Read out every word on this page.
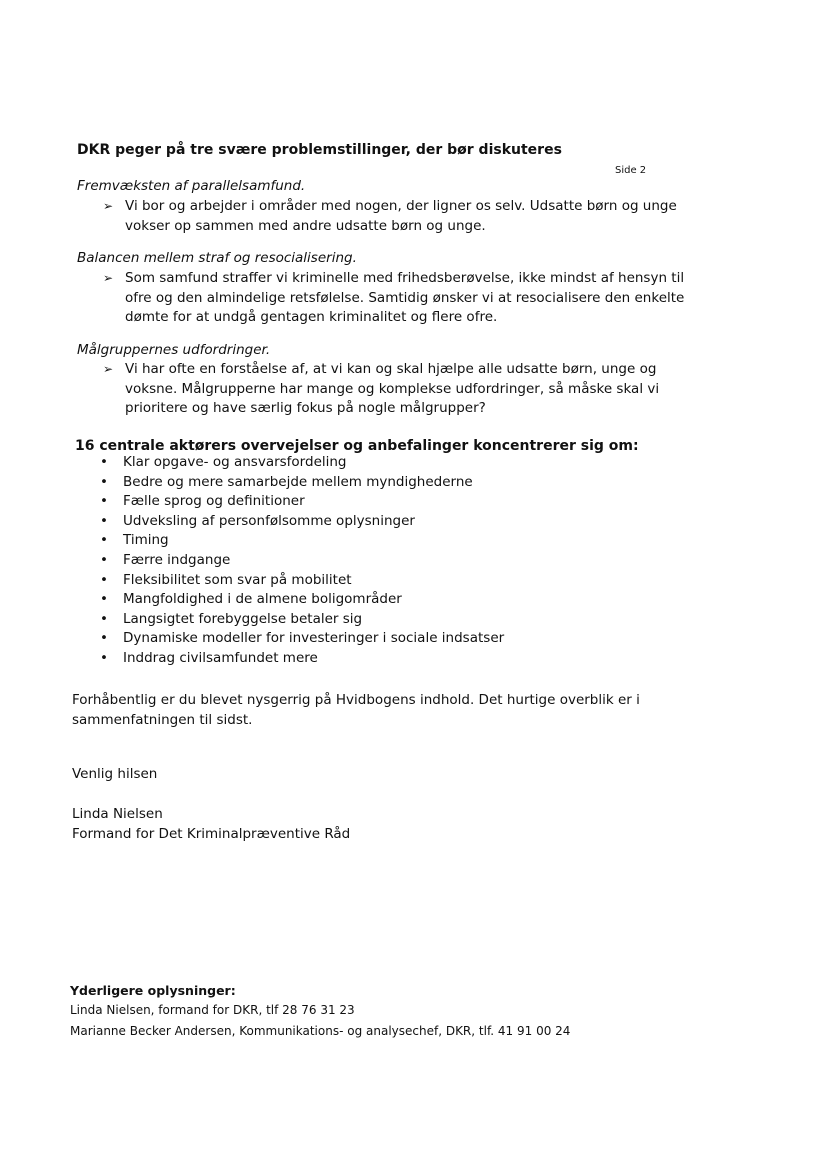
DKR peger på tre svære problemstillinger, der bør diskuteres
Side 2
Fremvæksten af parallelsamfund.
➢ Vi bor og arbejder i områder med nogen, der ligner os selv. Udsatte børn og unge vokser op sammen med andre udsatte børn og unge.
Balancen mellem straf og resocialisering.
➢ Som samfund straffer vi kriminelle med frihedsberøvelse, ikke mindst af hensyn til ofre og den almindelige retsfølelse. Samtidig ønsker vi at resocialisere den enkelte dømte for at undgå gentagen kriminalitet og flere ofre.
Målgruppernes udfordringer.
➢ Vi har ofte en forståelse af, at vi kan og skal hjælpe alle udsatte børn, unge og voksne. Målgrupperne har mange og komplekse udfordringer, så måske skal vi prioritere og have særlig fokus på nogle målgrupper?
16 centrale aktørers overvejelser og anbefalinger koncentrerer sig om:
• Klar opgave- og ansvarsfordeling
• Bedre og mere samarbejde mellem myndighederne
• Fælle sprog og definitioner
• Udveksling af personfølsomme oplysninger
• Timing
• Færre indgange
• Fleksibilitet som svar på mobilitet
• Mangfoldighed i de almene boligområder
• Langsigtet forebyggelse betaler sig
• Dynamiske modeller for investeringer i sociale indsatser
• Inddrag civilsamfundet mere
Forhåbentlig er du blevet nysgerrig på Hvidbogens indhold. Det hurtige overblik er i sammenfatningen til sidst.
Venlig hilsen
Linda Nielsen
Formand for Det Kriminalpræventive Råd
Yderligere oplysninger:
Linda Nielsen, formand for DKR, tlf 28 76 31 23
Marianne Becker Andersen, Kommunikations- og analysechef, DKR, tlf. 41 91 00 24
